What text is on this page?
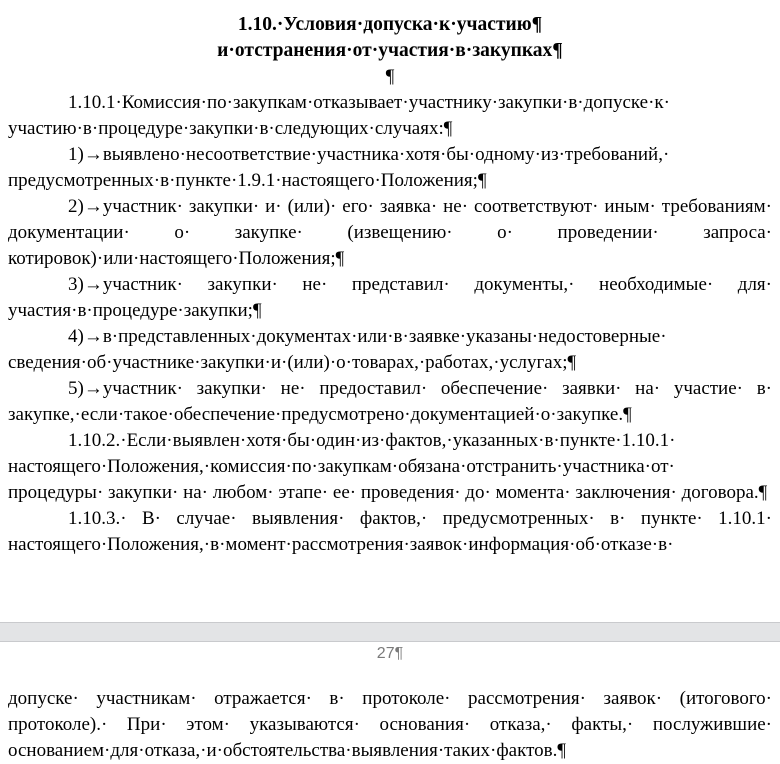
1.10.·Условия·допуска·к·участию¶
и·отстранения·от·участия·в·закупках¶
¶

1.10.1·Комиссия·по·закупкам·отказывает·участнику·закупки·в·допуске·к· участию·в·процедуре·закупки·в·следующих·случаях:¶

1)→выявлено·несоответствие·участника·хотя·бы·одному·из·требований,· предусмотренных·в·пункте·1.9.1·настоящего·Положения;¶

2)→участник· закупки· и· (или)· его· заявка· не· соответствуют· иным· требованиям· документации· о· закупке· (извещению· о· проведении· запроса· котировок)·или·настоящего·Положения;¶

3)→участник· закупки· не· представил· документы,· необходимые· для· участия·в·процедуре·закупки;¶

4)→в·представленных·документах·или·в·заявке·указаны·недостоверные· сведения·об·участнике·закупки·и·(или)·о·товарах,·работах,·услугах;¶

5)→участник· закупки· не· предоставил· обеспечение· заявки· на· участие· в· закупке,·если·такое·обеспечение·предусмотрено·документацией·о·закупке.¶

1.10.2.·Если·выявлен·хотя·бы·один·из·фактов,·указанных·в·пункте·1.10.1· настоящего·Положения,·комиссия·по·закупкам·обязана·отстранить·участника·от· процедуры· закупки· на· любом· этапе· ее· проведения· до· момента· заключения· договора.¶

1.10.3.· В· случае· выявления· фактов,· предусмотренных· в· пункте· 1.10.1· настоящего·Положения,·в·момент·рассмотрения·заявок·информация·об·отказе·в·

27¶

допуске· участникам· отражается· в· протоколе· рассмотрения· заявок· (итогового· протоколе).· При· этом· указываются· основания· отказа,· факты,· послужившие· основанием·для·отказа,·и·обстоятельства·выявления·таких·фактов.¶
